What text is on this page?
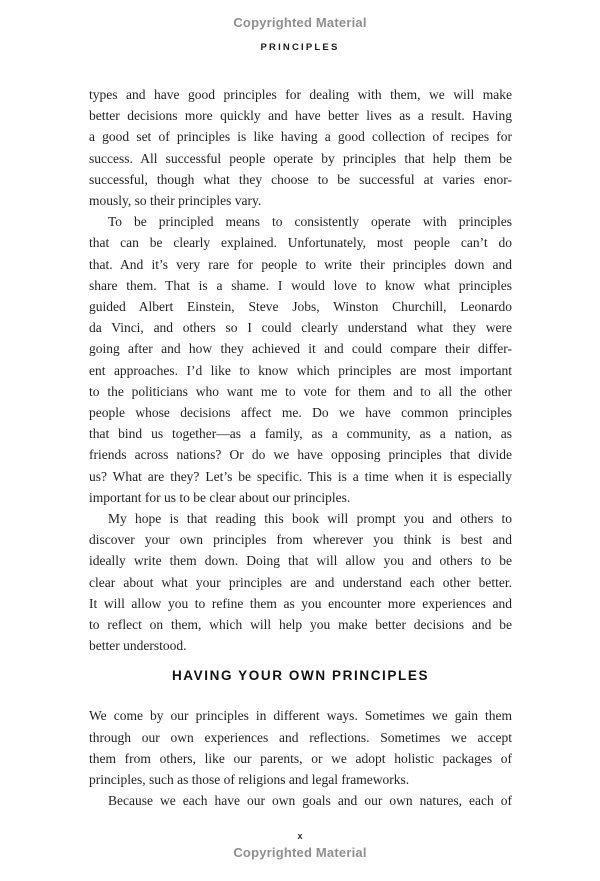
Copyrighted Material
PRINCIPLES
types and have good principles for dealing with them, we will make
better decisions more quickly and have better lives as a result. Having
a good set of principles is like having a good collection of recipes for
success. All successful people operate by principles that help them be
successful, though what they choose to be successful at varies enor-
mously, so their principles vary.
To be principled means to consistently operate with principles
that can be clearly explained. Unfortunately, most people can’t do
that. And it’s very rare for people to write their principles down and
share them. That is a shame. I would love to know what principles
guided Albert Einstein, Steve Jobs, Winston Churchill, Leonardo
da Vinci, and others so I could clearly understand what they were
going after and how they achieved it and could compare their differ-
ent approaches. I’d like to know which principles are most important
to the politicians who want me to vote for them and to all the other
people whose decisions affect me. Do we have common principles
that bind us together—as a family, as a community, as a nation, as
friends across nations? Or do we have opposing principles that divide
us? What are they? Let’s be specific. This is a time when it is especially
important for us to be clear about our principles.
My hope is that reading this book will prompt you and others to
discover your own principles from wherever you think is best and
ideally write them down. Doing that will allow you and others to be
clear about what your principles are and understand each other better.
It will allow you to refine them as you encounter more experiences and
to reflect on them, which will help you make better decisions and be
better understood.
HAVING YOUR OWN PRINCIPLES
We come by our principles in different ways. Sometimes we gain them
through our own experiences and reflections. Sometimes we accept
them from others, like our parents, or we adopt holistic packages of
principles, such as those of religions and legal frameworks.
Because we each have our own goals and our own natures, each of
x
Copyrighted Material
